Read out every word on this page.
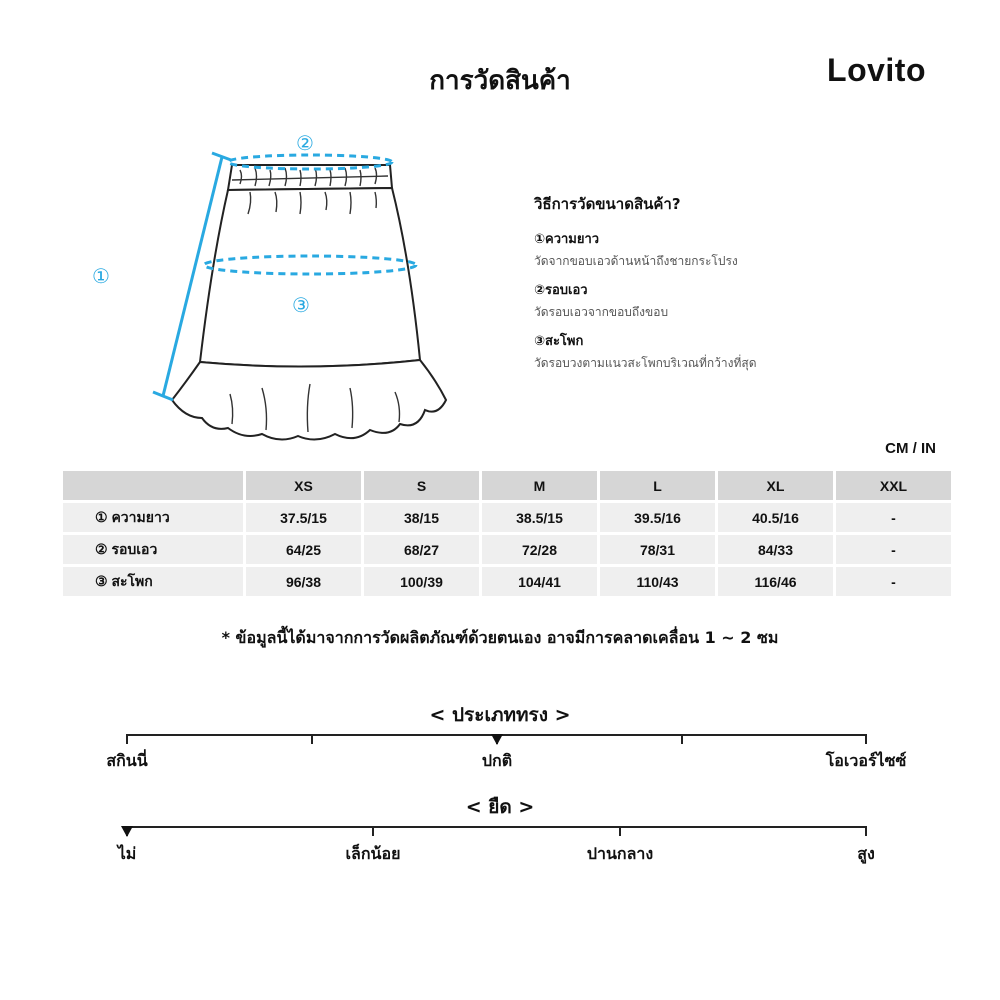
การวัดสินค้า	Lovito
②
③
①
วิธีการวัดขนาดสินค้า?
①ความยาว
วัดจากขอบเอวด้านหน้าถึงชายกระโปรง
②รอบเอว
วัดรอบเอวจากขอบถึงขอบ
③สะโพก
วัดรอบวงตามแนวสะโพกบริเวณที่กว้างที่สุด
CM / IN
	XS	S	M	L	XL	XXL
① ความยาว	37.5/15	38/15	38.5/15	39.5/16	40.5/16	-
② รอบเอว	64/25	68/27	72/28	78/31	84/33	-
③ สะโพก	96/38	100/39	104/41	110/43	116/46	-
* ข้อมูลนี้ได้มาจากการวัดผลิตภัณฑ์ด้วยตนเอง อาจมีการคลาดเคลื่อน 1 ~ 2 ซม
< ประเภททรง >
สกินนี่	ปกติ	โอเวอร์ไซซ์
< ยืด >
ไม่	เล็กน้อย	ปานกลาง	สูง
